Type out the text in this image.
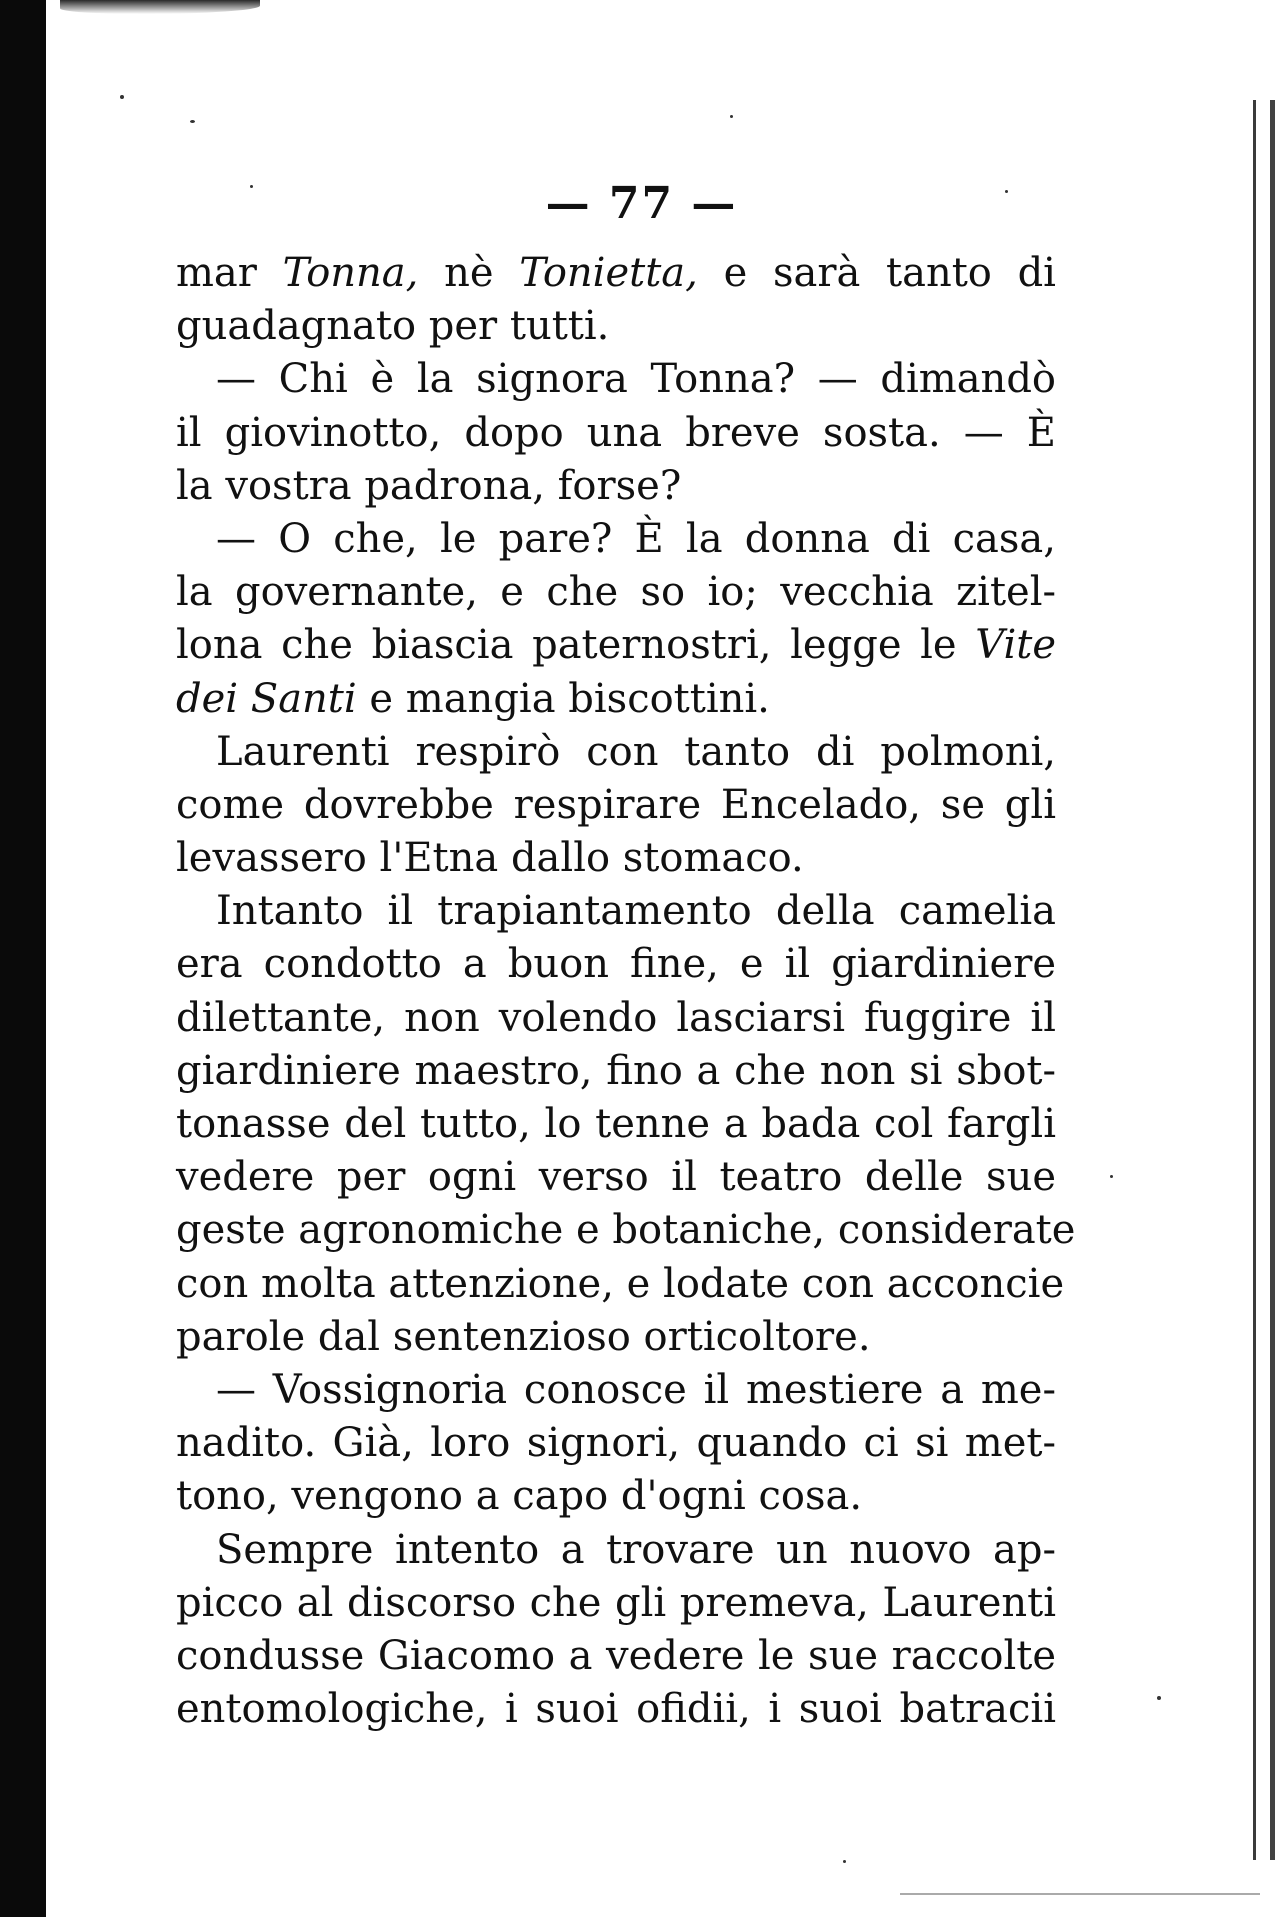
— 77 —
mar Tonna, nè Tonietta, e sarà tanto di
guadagnato per tutti.
— Chi è la signora Tonna? — dimandò
il giovinotto, dopo una breve sosta. — È
la vostra padrona, forse?
— O che, le pare? È la donna di casa,
la governante, e che so io; vecchia zitel-
lona che biascia paternostri, legge le Vite
dei Santi e mangia biscottini.
Laurenti respirò con tanto di polmoni,
come dovrebbe respirare Encelado, se gli
levassero l'Etna dallo stomaco.
Intanto il trapiantamento della camelia
era condotto a buon fine, e il giardiniere
dilettante, non volendo lasciarsi fuggire il
giardiniere maestro, fino a che non si sbot-
tonasse del tutto, lo tenne a bada col fargli
vedere per ogni verso il teatro delle sue
geste agronomiche e botaniche, considerate
con molta attenzione, e lodate con acconcie
parole dal sentenzioso orticoltore.
— Vossignoria conosce il mestiere a me-
nadito. Già, loro signori, quando ci si met-
tono, vengono a capo d'ogni cosa.
Sempre intento a trovare un nuovo ap-
picco al discorso che gli premeva, Laurenti
condusse Giacomo a vedere le sue raccolte
entomologiche, i suoi ofidii, i suoi batracii
